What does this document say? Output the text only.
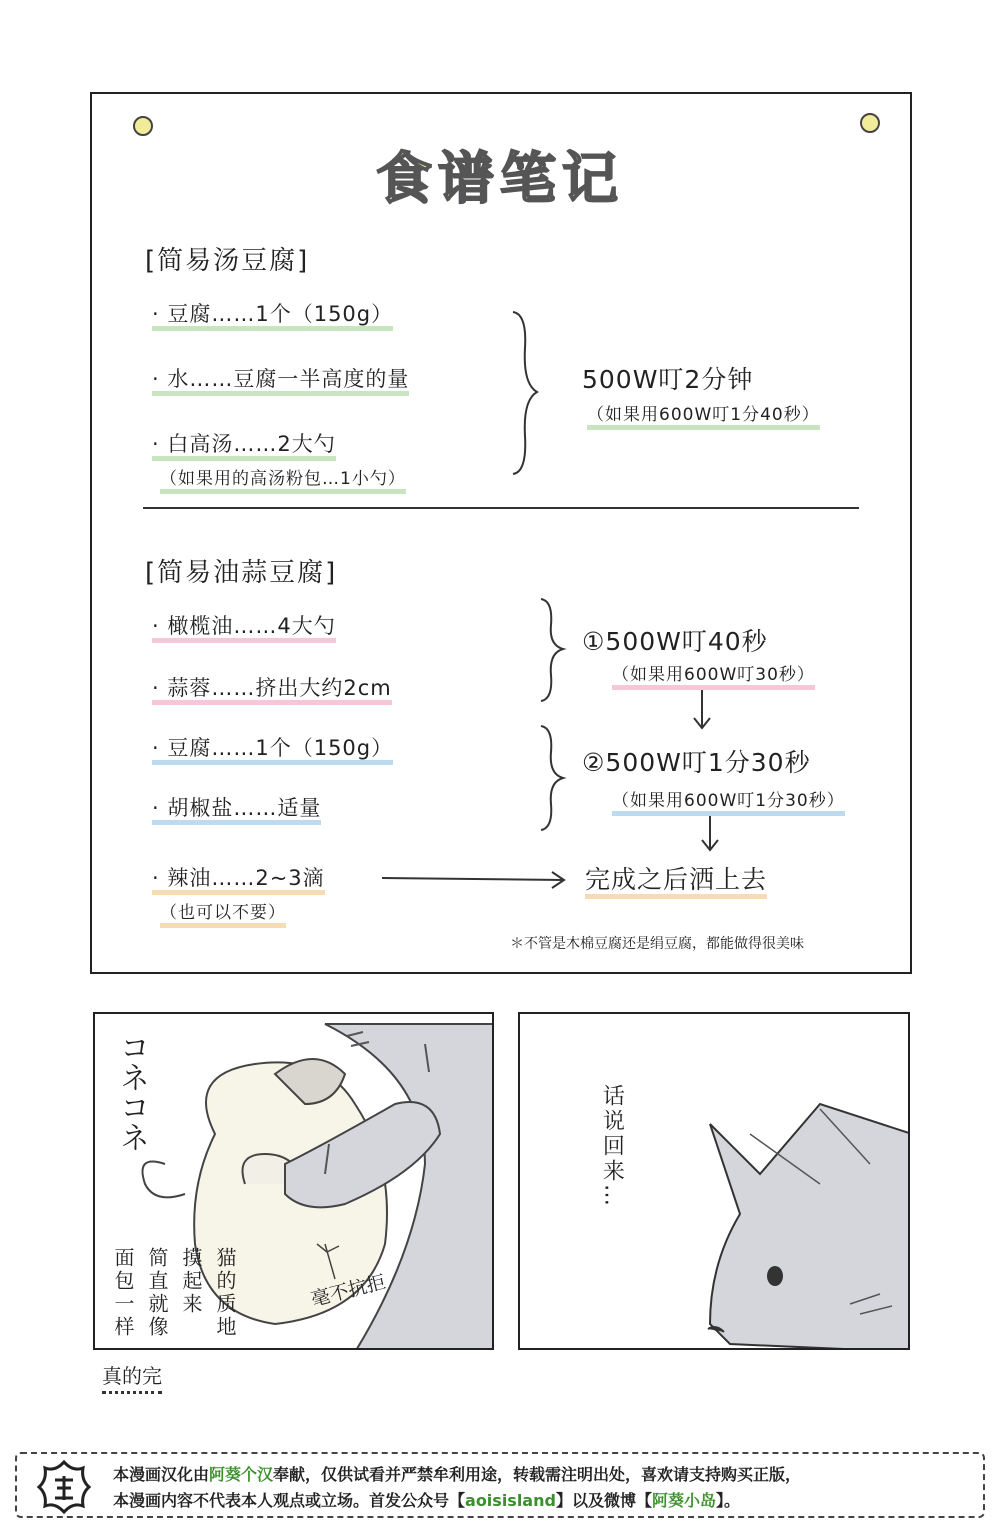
食谱笔记
[简易汤豆腐]
· 豆腐……1个（150g）
· 水……豆腐一半高度的量
· 白高汤……2大勺
（如果用的高汤粉包…1小勺）
500W叮2分钟
（如果用600W叮1分40秒）
[简易油蒜豆腐]
· 橄榄油……4大勺
· 蒜蓉……挤出大约2cm
· 豆腐……1个（150g）
· 胡椒盐……适量
· 辣油……2~3滴
（也可以不要）
①500W叮40秒
（如果用600W叮30秒）
②500W叮1分30秒
（如果用600W叮1分30秒）
完成之后洒上去
＊不管是木棉豆腐还是绢豆腐，都能做得很美味
コネコネ
面包一样 简直就像 摸起来 猫的质地	毫不抗拒
话说回来…
真的完
本漫画汉化由阿葵个汉奉献，仅供试看并严禁牟利用途，转载需注明出处，喜欢请支持购买正版，
本漫画内容不代表本人观点或立场。首发公众号【aoisisland】以及微博【阿葵小岛】。
